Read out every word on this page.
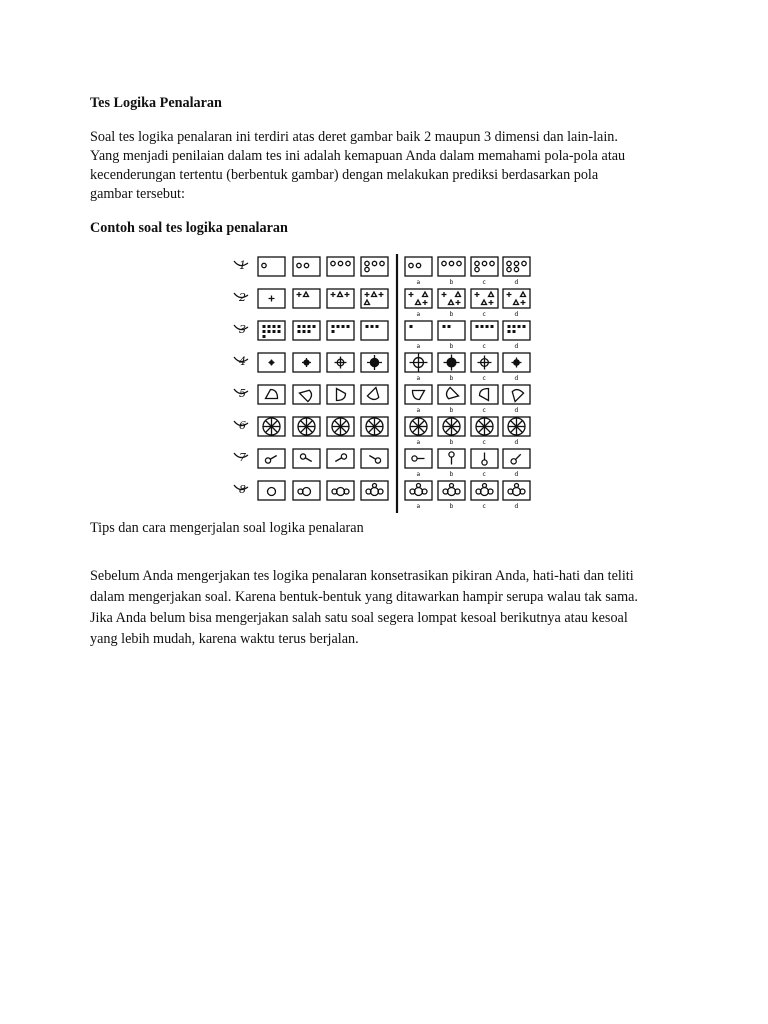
Tes Logika Penalaran

Soal tes logika penalaran ini terdiri atas deret gambar baik 2 maupun 3 dimensi dan lain-lain.
Yang menjadi penilaian dalam tes ini adalah kemapuan Anda dalam memahami pola-pola atau
kecenderungan tertentu (berbentuk gambar) dengan melakukan prediksi berdasarkan pola
gambar tersebut:

Contoh soal tes logika penalaran

1
a	b	c	d
2
a	b	c	d
3
a	b	c	d
4
a	b	c	d
5
a	b	c	d
6
a	b	c	d
7
a	b	c	d
8
a	b	c	d

Tips dan cara mengerjalan soal logika penalaran

Sebelum Anda mengerjakan tes logika penalaran konsetrasikan pikiran Anda, hati-hati dan teliti
dalam mengerjakan soal. Karena bentuk-bentuk yang ditawarkan hampir serupa walau tak sama.
Jika Anda belum bisa mengerjakan salah satu soal segera lompat kesoal berikutnya atau kesoal
yang lebih mudah, karena waktu terus berjalan.
